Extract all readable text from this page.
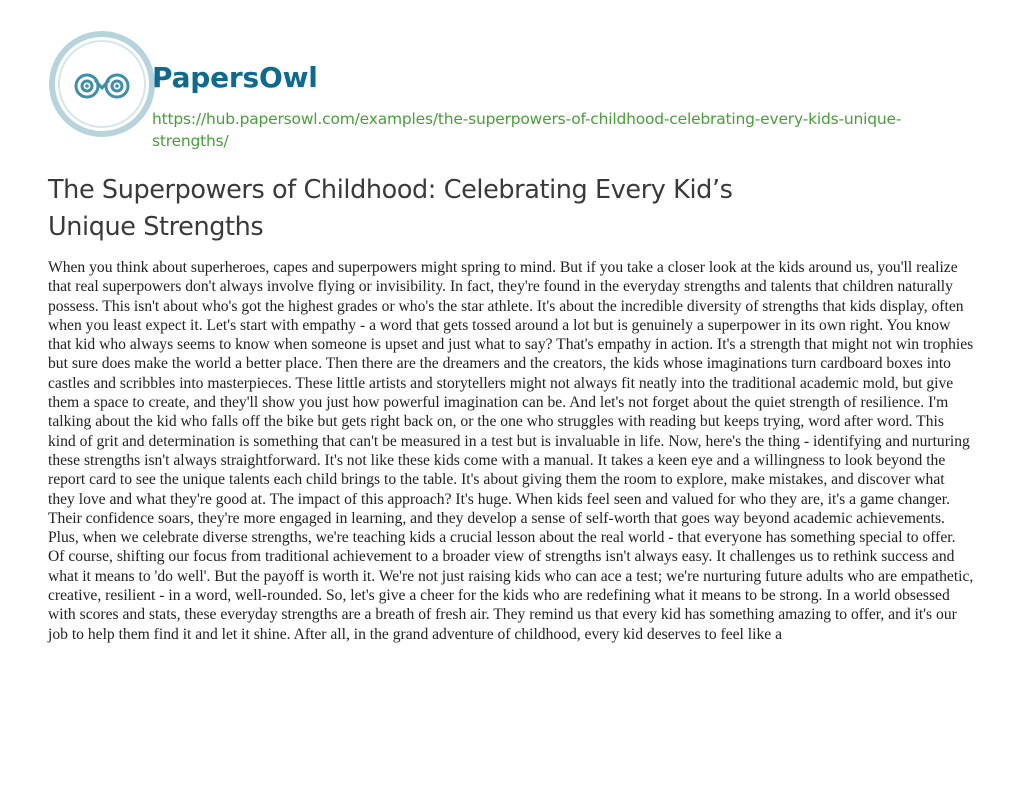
PapersOwl
https://hub.papersowl.com/examples/the-superpowers-of-childhood-celebrating-every-kids-unique-strengths/
The Superpowers of Childhood: Celebrating Every Kid’s Unique Strengths

When you think about superheroes, capes and superpowers might spring to mind. But if you take a closer look at the kids around us, you'll realize that real superpowers don't always involve flying or invisibility. In fact, they're found in the everyday strengths and talents that children naturally possess. This isn't about who's got the highest grades or who's the star athlete. It's about the incredible diversity of strengths that kids display, often when you least expect it. Let's start with empathy - a word that gets tossed around a lot but is genuinely a superpower in its own right. You know that kid who always seems to know when someone is upset and just what to say? That's empathy in action. It's a strength that might not win trophies but sure does make the world a better place. Then there are the dreamers and the creators, the kids whose imaginations turn cardboard boxes into castles and scribbles into masterpieces. These little artists and storytellers might not always fit neatly into the traditional academic mold, but give them a space to create, and they'll show you just how powerful imagination can be. And let's not forget about the quiet strength of resilience. I'm talking about the kid who falls off the bike but gets right back on, or the one who struggles with reading but keeps trying, word after word. This kind of grit and determination is something that can't be measured in a test but is invaluable in life. Now, here's the thing - identifying and nurturing these strengths isn't always straightforward. It's not like these kids come with a manual. It takes a keen eye and a willingness to look beyond the report card to see the unique talents each child brings to the table. It's about giving them the room to explore, make mistakes, and discover what they love and what they're good at. The impact of this approach? It's huge. When kids feel seen and valued for who they are, it's a game changer. Their confidence soars, they're more engaged in learning, and they develop a sense of self-worth that goes way beyond academic achievements. Plus, when we celebrate diverse strengths, we're teaching kids a crucial lesson about the real world - that everyone has something special to offer. Of course, shifting our focus from traditional achievement to a broader view of strengths isn't always easy. It challenges us to rethink success and what it means to 'do well'. But the payoff is worth it. We're not just raising kids who can ace a test; we're nurturing future adults who are empathetic, creative, resilient - in a word, well-rounded. So, let's give a cheer for the kids who are redefining what it means to be strong. In a world obsessed with scores and stats, these everyday strengths are a breath of fresh air. They remind us that every kid has something amazing to offer, and it's our job to help them find it and let it shine. After all, in the grand adventure of childhood, every kid deserves to feel like a
